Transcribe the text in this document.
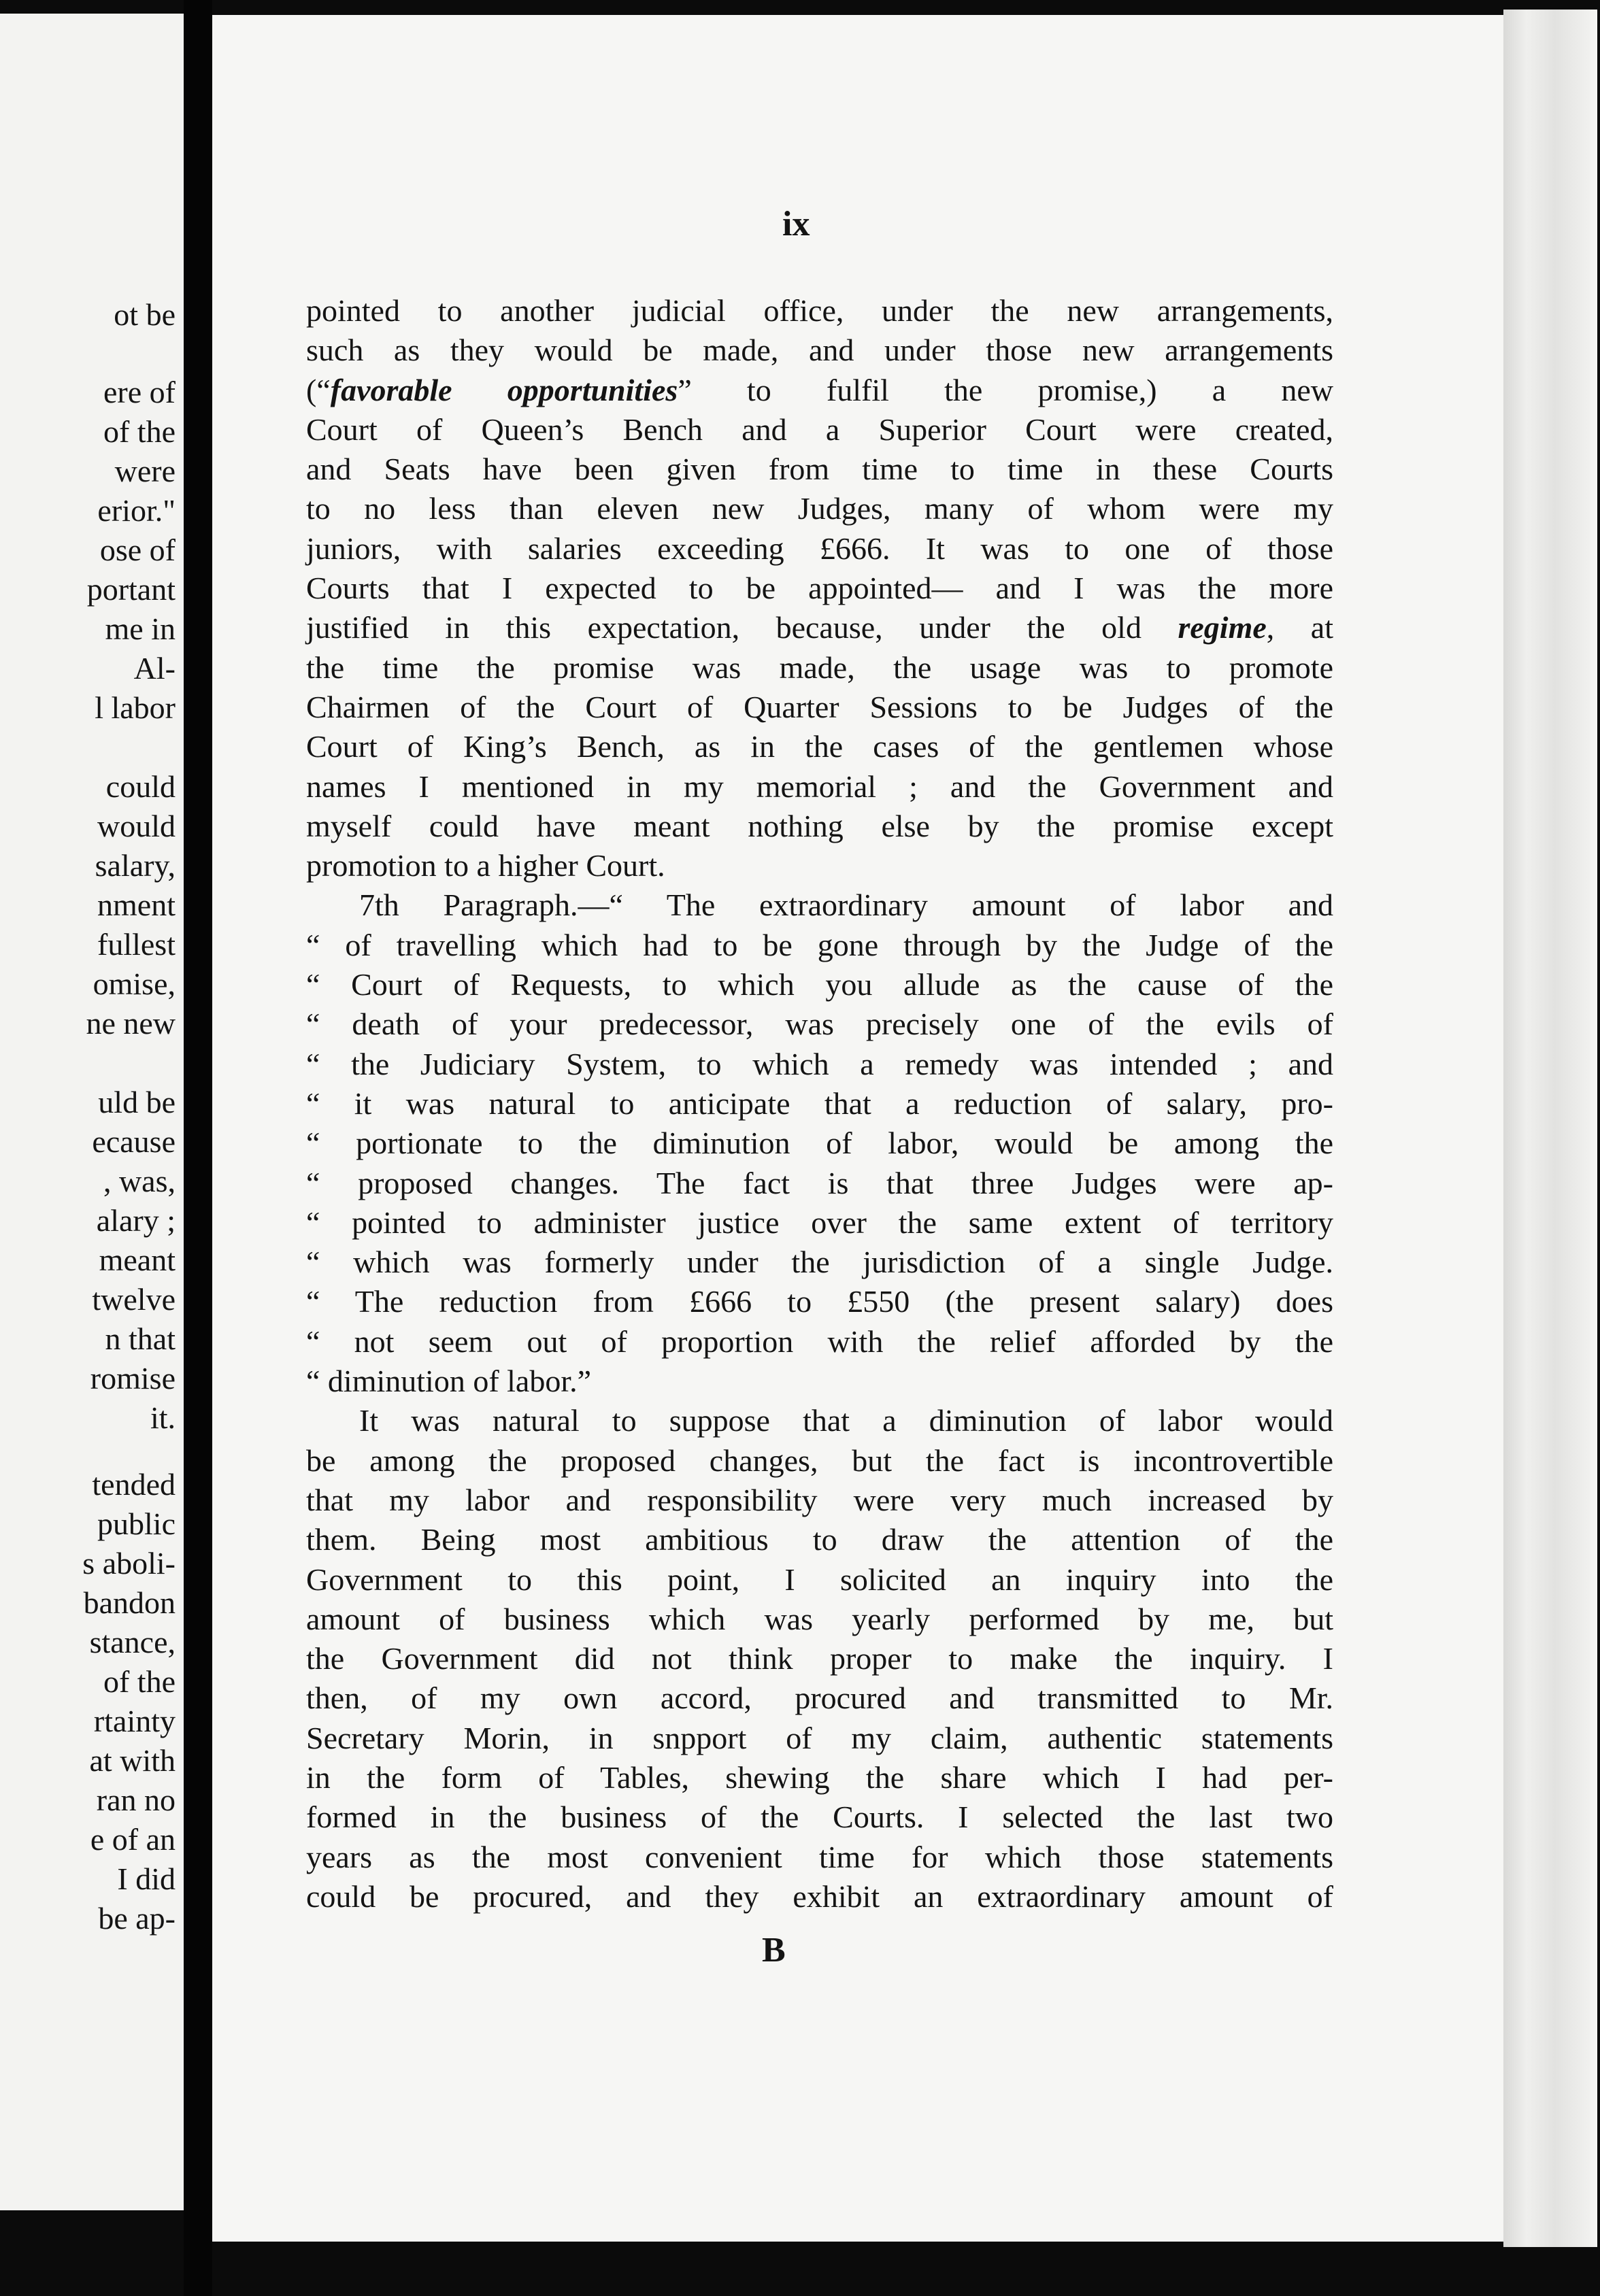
ot be
ere of
of the
were
erior."
ose of
portant
me in
Al-
l labor
could
would
salary,
nment
fullest
omise,
ne new
uld be
ecause
, was,
alary ;
meant
twelve
n that
romise
it.
tended
public
s aboli-
bandon
stance,
of the
rtainty
at with
ran no
e of an
I did
be ap-
ix
pointed to another judicial office, under the new arrangements,
such as they would be made, and under those new arrangements
(“favorable opportunities” to fulfil the promise,) a new
Court of Queen’s Bench and a Superior Court were created,
and Seats have been given from time to time in these Courts
to no less than eleven new Judges, many of whom were my
juniors, with salaries exceeding £666. It was to one of those
Courts that I expected to be appointed— and I was the more
justified in this expectation, because, under the old regime, at
the time the promise was made, the usage was to promote
Chairmen of the Court of Quarter Sessions to be Judges of the
Court of King’s Bench, as in the cases of the gentlemen whose
names I mentioned in my memorial ; and the Government and
myself could have meant nothing else by the promise except
promotion to a higher Court.
7th Paragraph.—“ The extraordinary amount of labor and
“ of travelling which had to be gone through by the Judge of the
“ Court of Requests, to which you allude as the cause of the
“ death of your predecessor, was precisely one of the evils of
“ the Judiciary System, to which a remedy was intended ; and
“ it was natural to anticipate that a reduction of salary, pro-
“ portionate to the diminution of labor, would be among the
“ proposed changes. The fact is that three Judges were ap-
“ pointed to administer justice over the same extent of territory
“ which was formerly under the jurisdiction of a single Judge.
“ The reduction from £666 to £550 (the present salary) does
“ not seem out of proportion with the relief afforded by the
“ diminution of labor.”
It was natural to suppose that a diminution of labor would
be among the proposed changes, but the fact is incontrovertible
that my labor and responsibility were very much increased by
them. Being most ambitious to draw the attention of the
Government to this point, I solicited an inquiry into the
amount of business which was yearly performed by me, but
the Government did not think proper to make the inquiry. I
then, of my own accord, procured and transmitted to Mr.
Secretary Morin, in snpport of my claim, authentic statements
in the form of Tables, shewing the share which I had per-
formed in the business of the Courts. I selected the last two
years as the most convenient time for which those statements
could be procured, and they exhibit an extraordinary amount of
B
